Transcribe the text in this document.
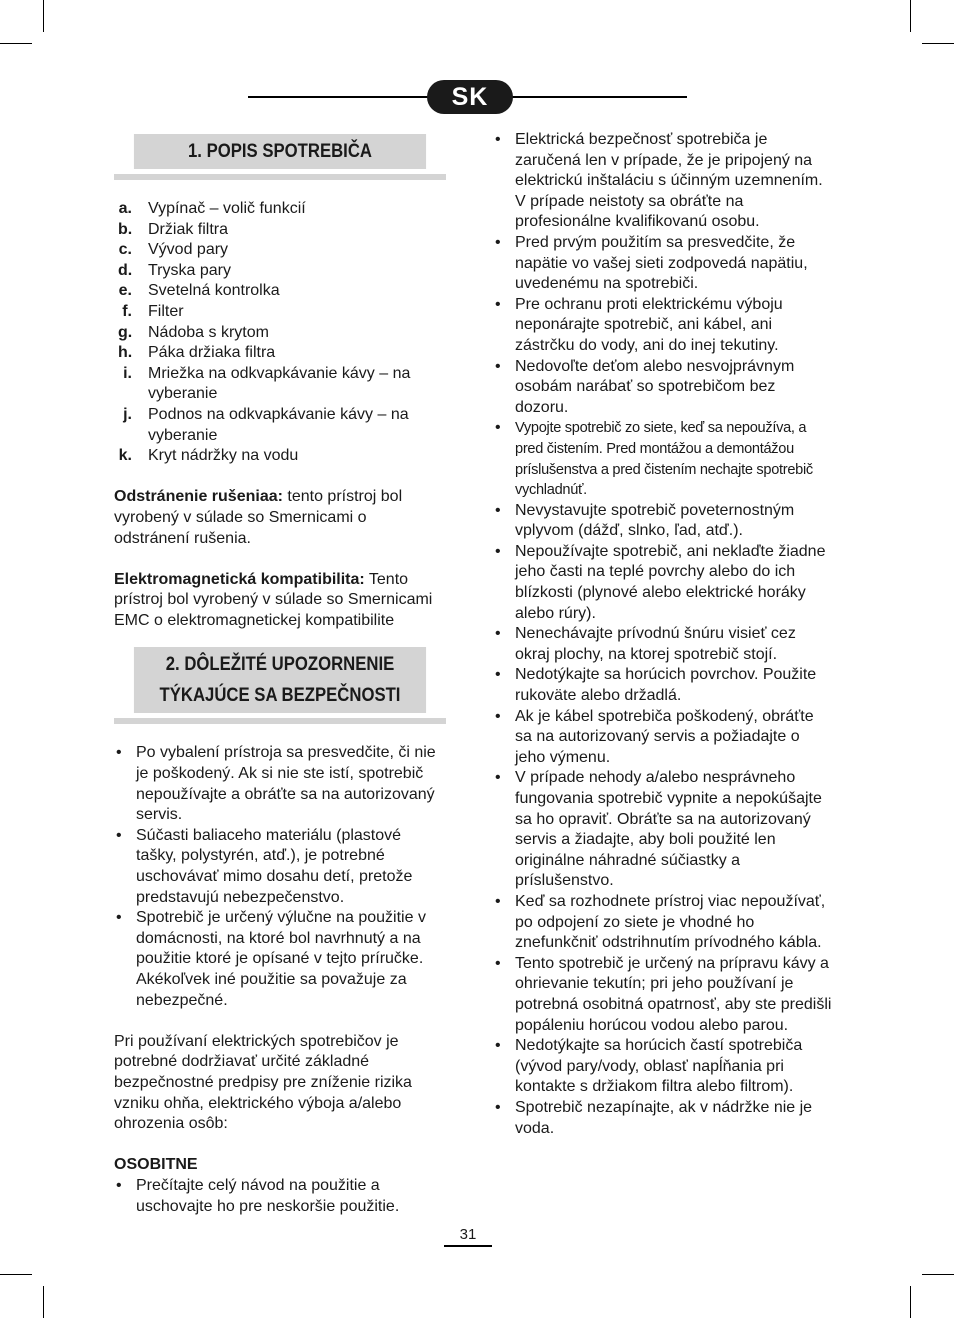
SK
1. POPIS SPOTREBIČA
a.	Vypínač – volič funkcií
b. Držiak filtra
c.	Vývod pary
d. Tryska pary
e.	Svetelná kontrolka
f.	Filter
g. Nádoba s krytom
h. Páka držiaka filtra
i.	Mriežka na odkvapkávanie kávy – na vyberanie
j.	Podnos na odkvapkávanie kávy – na vyberanie
k.	Kryt nádržky na vodu

Odstránenie rušeniaa: tento prístroj bol vyrobený v súlade so Smernicami o odstránení rušenia.

Elektromagnetická kompatibilita: Tento prístroj bol vyrobený v súlade so Smernicami EMC o elektromagnetickej kompatibilite

2. DÔLEŽITÉ UPOZORNENIE
TÝKAJÚCE SA BEZPEČNOSTI
• Po vybalení prístroja sa presvedčite, či nie je poškodený. Ak si nie ste istí, spotrebič nepoužívajte a obráťte sa na autorizovaný servis.
• Súčasti baliaceho materiálu (plastové tašky, polystyrén, atď.), je potrebné uschovávať mimo dosahu detí, pretože predstavujú nebezpečenstvo.
• Spotrebič je určený výlučne na použitie v domácnosti, na ktoré bol navrhnutý a na použitie ktoré je opísané v tejto príručke. Akékoľvek iné použitie sa považuje za nebezpečné.

Pri používaní elektrických spotrebičov je potrebné dodržiavať určité základné bezpečnostné predpisy pre zníženie rizika vzniku ohňa, elektrického výboja a/alebo ohrozenia osôb:

OSOBITNE

• Prečítajte celý návod na použitie a uschovajte ho pre neskoršie použitie.
• Elektrická bezpečnosť spotrebiča je zaručená len v prípade, že je pripojený na elektrickú inštaláciu s účinným uzemnením. V prípade neistoty sa obráťte na profesionálne kvalifikovanú osobu.
• Pred prvým použitím sa presvedčite, že napätie vo vašej sieti zodpovedá napätiu, uvedenému na spotrebiči.
• Pre ochranu proti elektrickému výboju neponárajte spotrebič, ani kábel, ani zástrčku do vody, ani do inej tekutiny.
• Nedovoľte deťom alebo nesvojprávnym osobám narábať so spotrebičom bez dozoru.
• Vypojte spotrebič zo siete, keď sa nepoužíva, a pred čistením. Pred montážou a demontážou príslušenstva a pred čistením nechajte spotrebič vychladnúť.
• Nevystavujte spotrebič poveternostným vplyvom (dážď, slnko, ľad, atď.).
• Nepoužívajte spotrebič, ani neklaďte žiadne jeho časti na teplé povrchy alebo do ich blízkosti (plynové alebo elektrické horáky alebo rúry).
• Nenechávajte prívodnú šnúru visieť cez okraj plochy, na ktorej spotrebič stojí.
• Nedotýkajte sa horúcich povrchov. Použite rukoväte alebo držadlá.
• Ak je kábel spotrebiča poškodený, obráťte sa na autorizovaný servis a požiadajte o jeho výmenu.
• V prípade nehody a/alebo nesprávneho fungovania spotrebič vypnite a nepokúšajte sa ho opraviť. Obráťte sa na autorizovaný servis a žiadajte, aby boli použité len originálne náhradné súčiastky a príslušenstvo.
• Keď sa rozhodnete prístroj viac nepoužívať, po odpojení zo siete je vhodné ho znefunkčniť odstrihnutím prívodného kábla.
• Tento spotrebič je určený na prípravu kávy a ohrievanie tekutín; pri jeho používaní je potrebná osobitná opatrnosť, aby ste predišli popáleniu horúcou vodou alebo parou.
• Nedotýkajte sa horúcich častí spotrebiča (vývod pary/vody, oblasť napĺňania pri kontakte s držiakom filtra alebo filtrom).
• Spotrebič nezapínajte, ak v nádržke nie je voda.
31
